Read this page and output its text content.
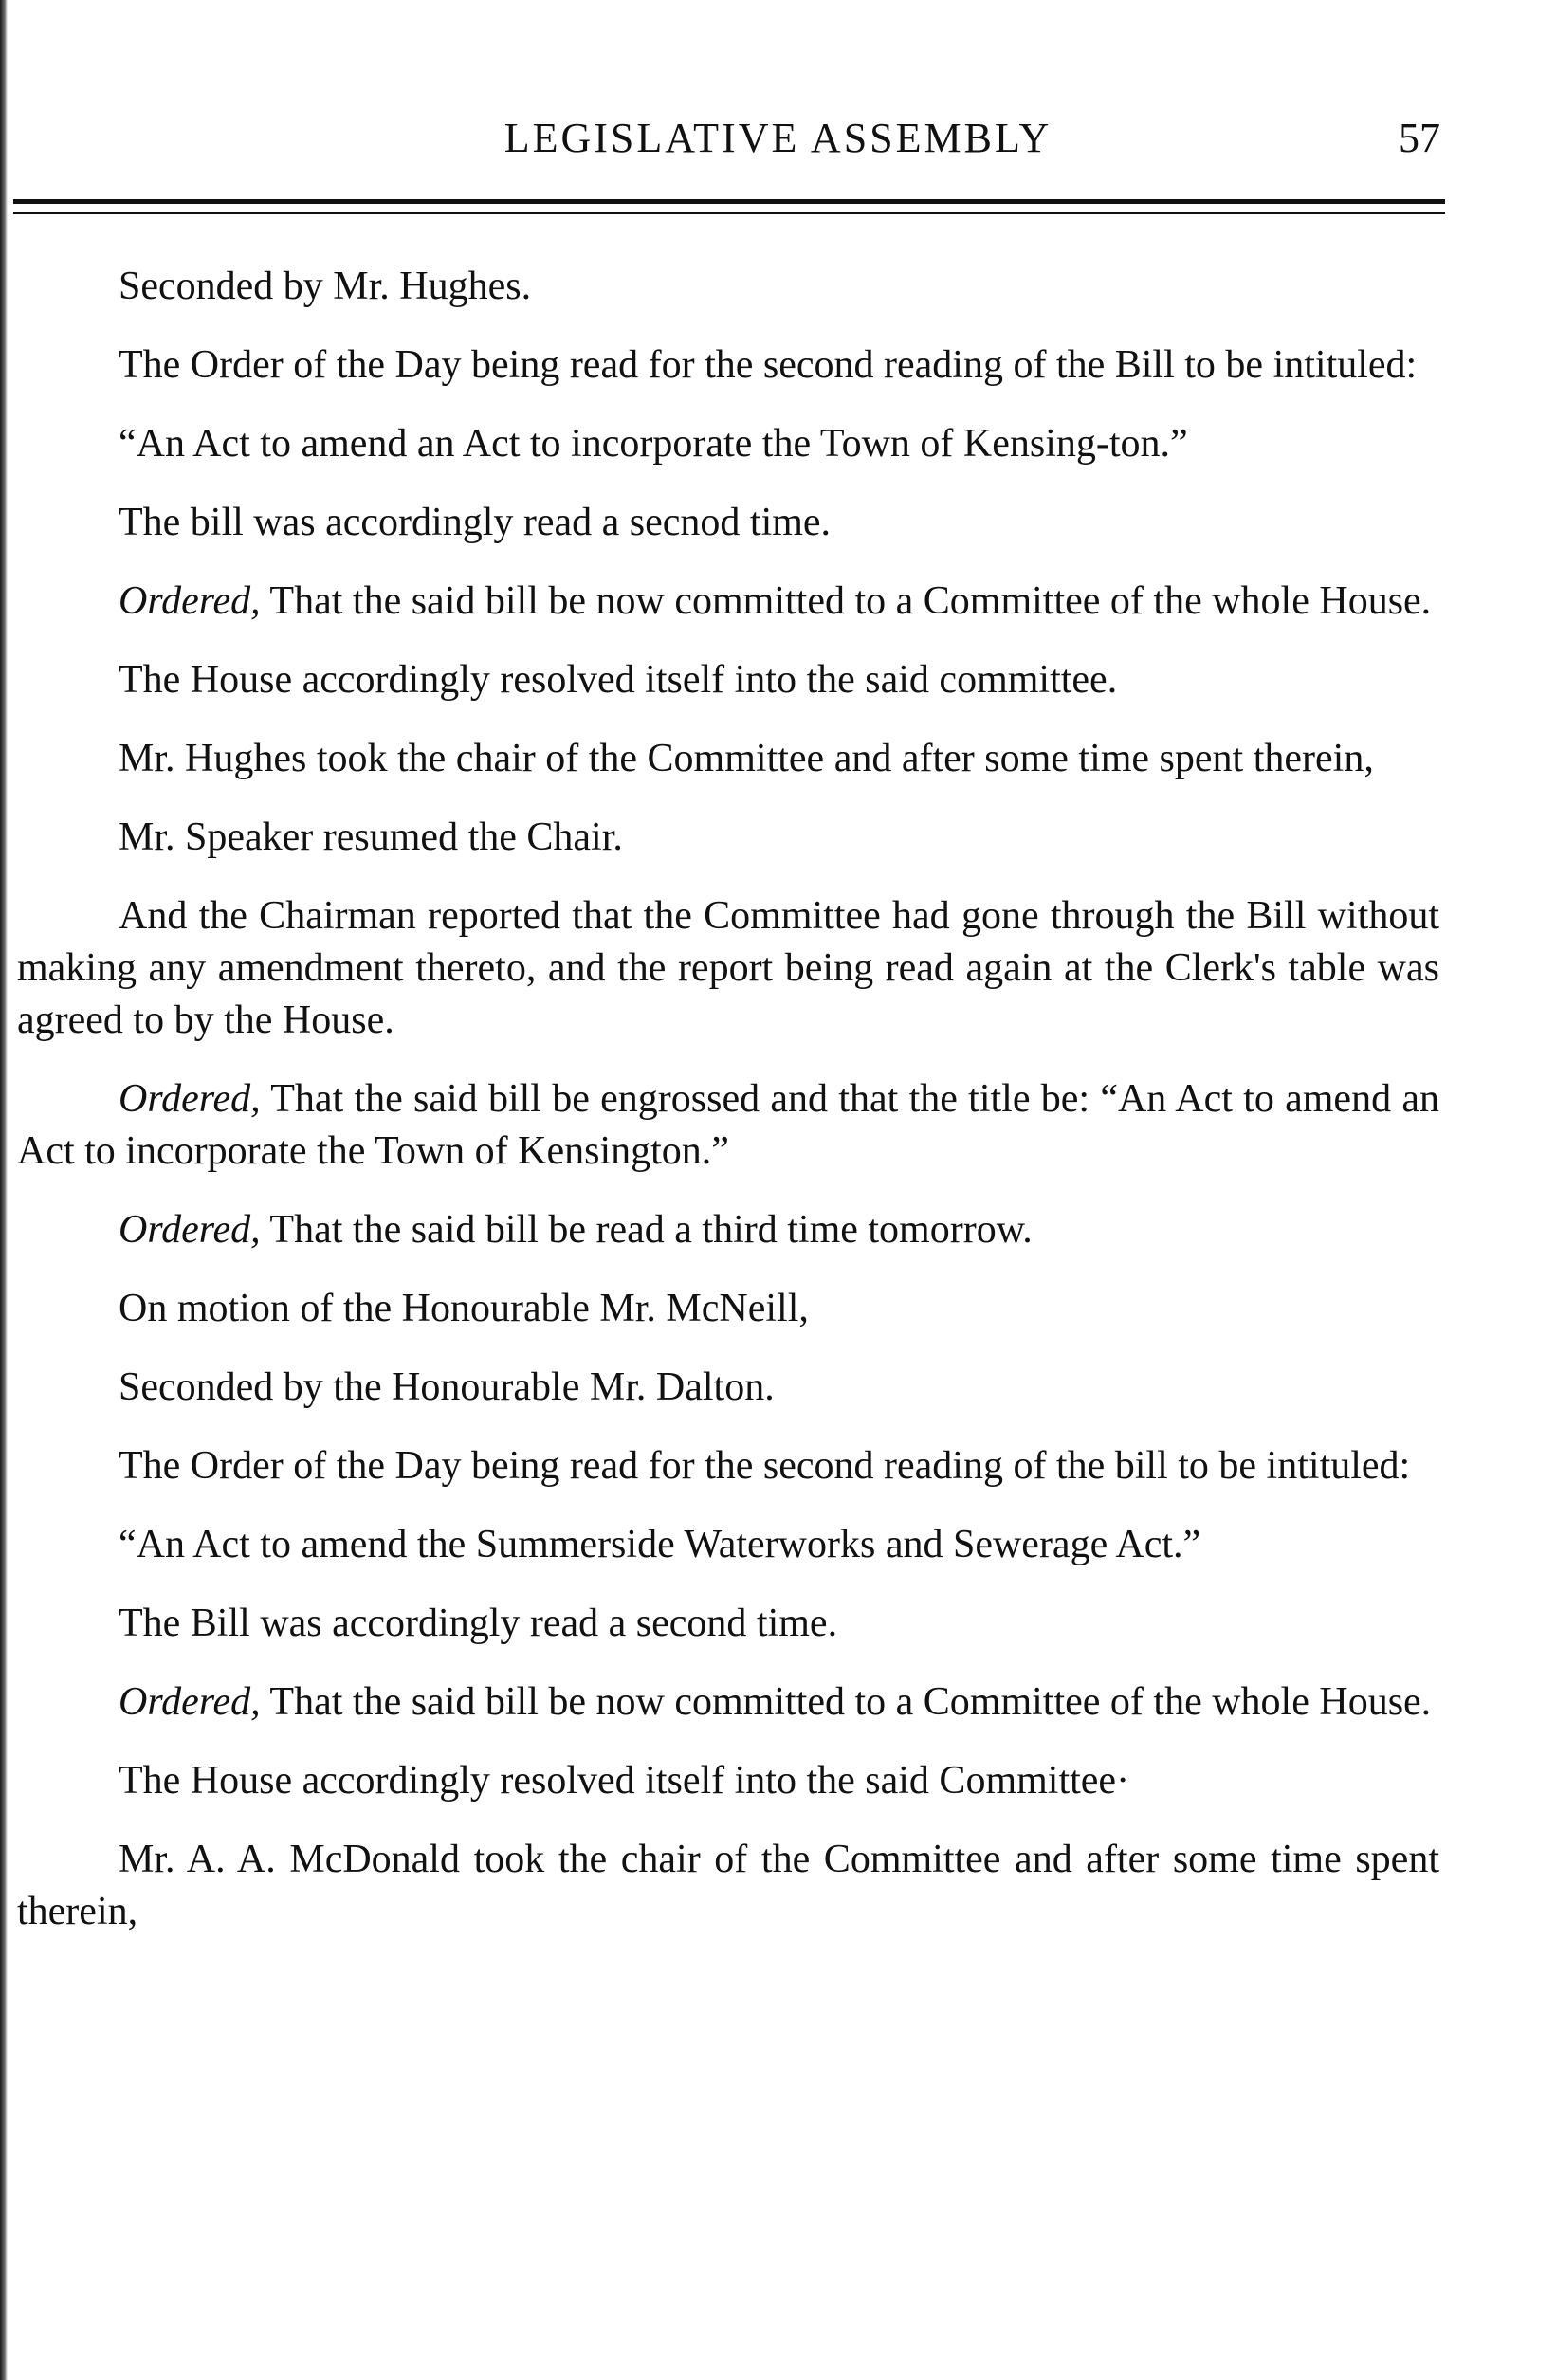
LEGISLATIVE ASSEMBLY	57

Seconded by Mr. Hughes.

The Order of the Day being read for the second reading of the Bill to be intituled:

“An Act to amend an Act to incorporate the Town of Kensing-ton.”

The bill was accordingly read a secnod time.

Ordered, That the said bill be now committed to a Committee of the whole House.

The House accordingly resolved itself into the said committee.

Mr. Hughes took the chair of the Committee and after some time spent therein,

Mr. Speaker resumed the Chair.

And the Chairman reported that the Committee had gone through the Bill without making any amendment thereto, and the report being read again at the Clerk's table was agreed to by the House.

Ordered, That the said bill be engrossed and that the title be: “An Act to amend an Act to incorporate the Town of Kensington.”

Ordered, That the said bill be read a third time tomorrow.

On motion of the Honourable Mr. McNeill,

Seconded by the Honourable Mr. Dalton.

The Order of the Day being read for the second reading of the bill to be intituled:

“An Act to amend the Summerside Waterworks and Sewerage Act.”

The Bill was accordingly read a second time.

Ordered, That the said bill be now committed to a Committee of the whole House.

The House accordingly resolved itself into the said Committee·

Mr. A. A. McDonald took the chair of the Committee and after some time spent therein,
